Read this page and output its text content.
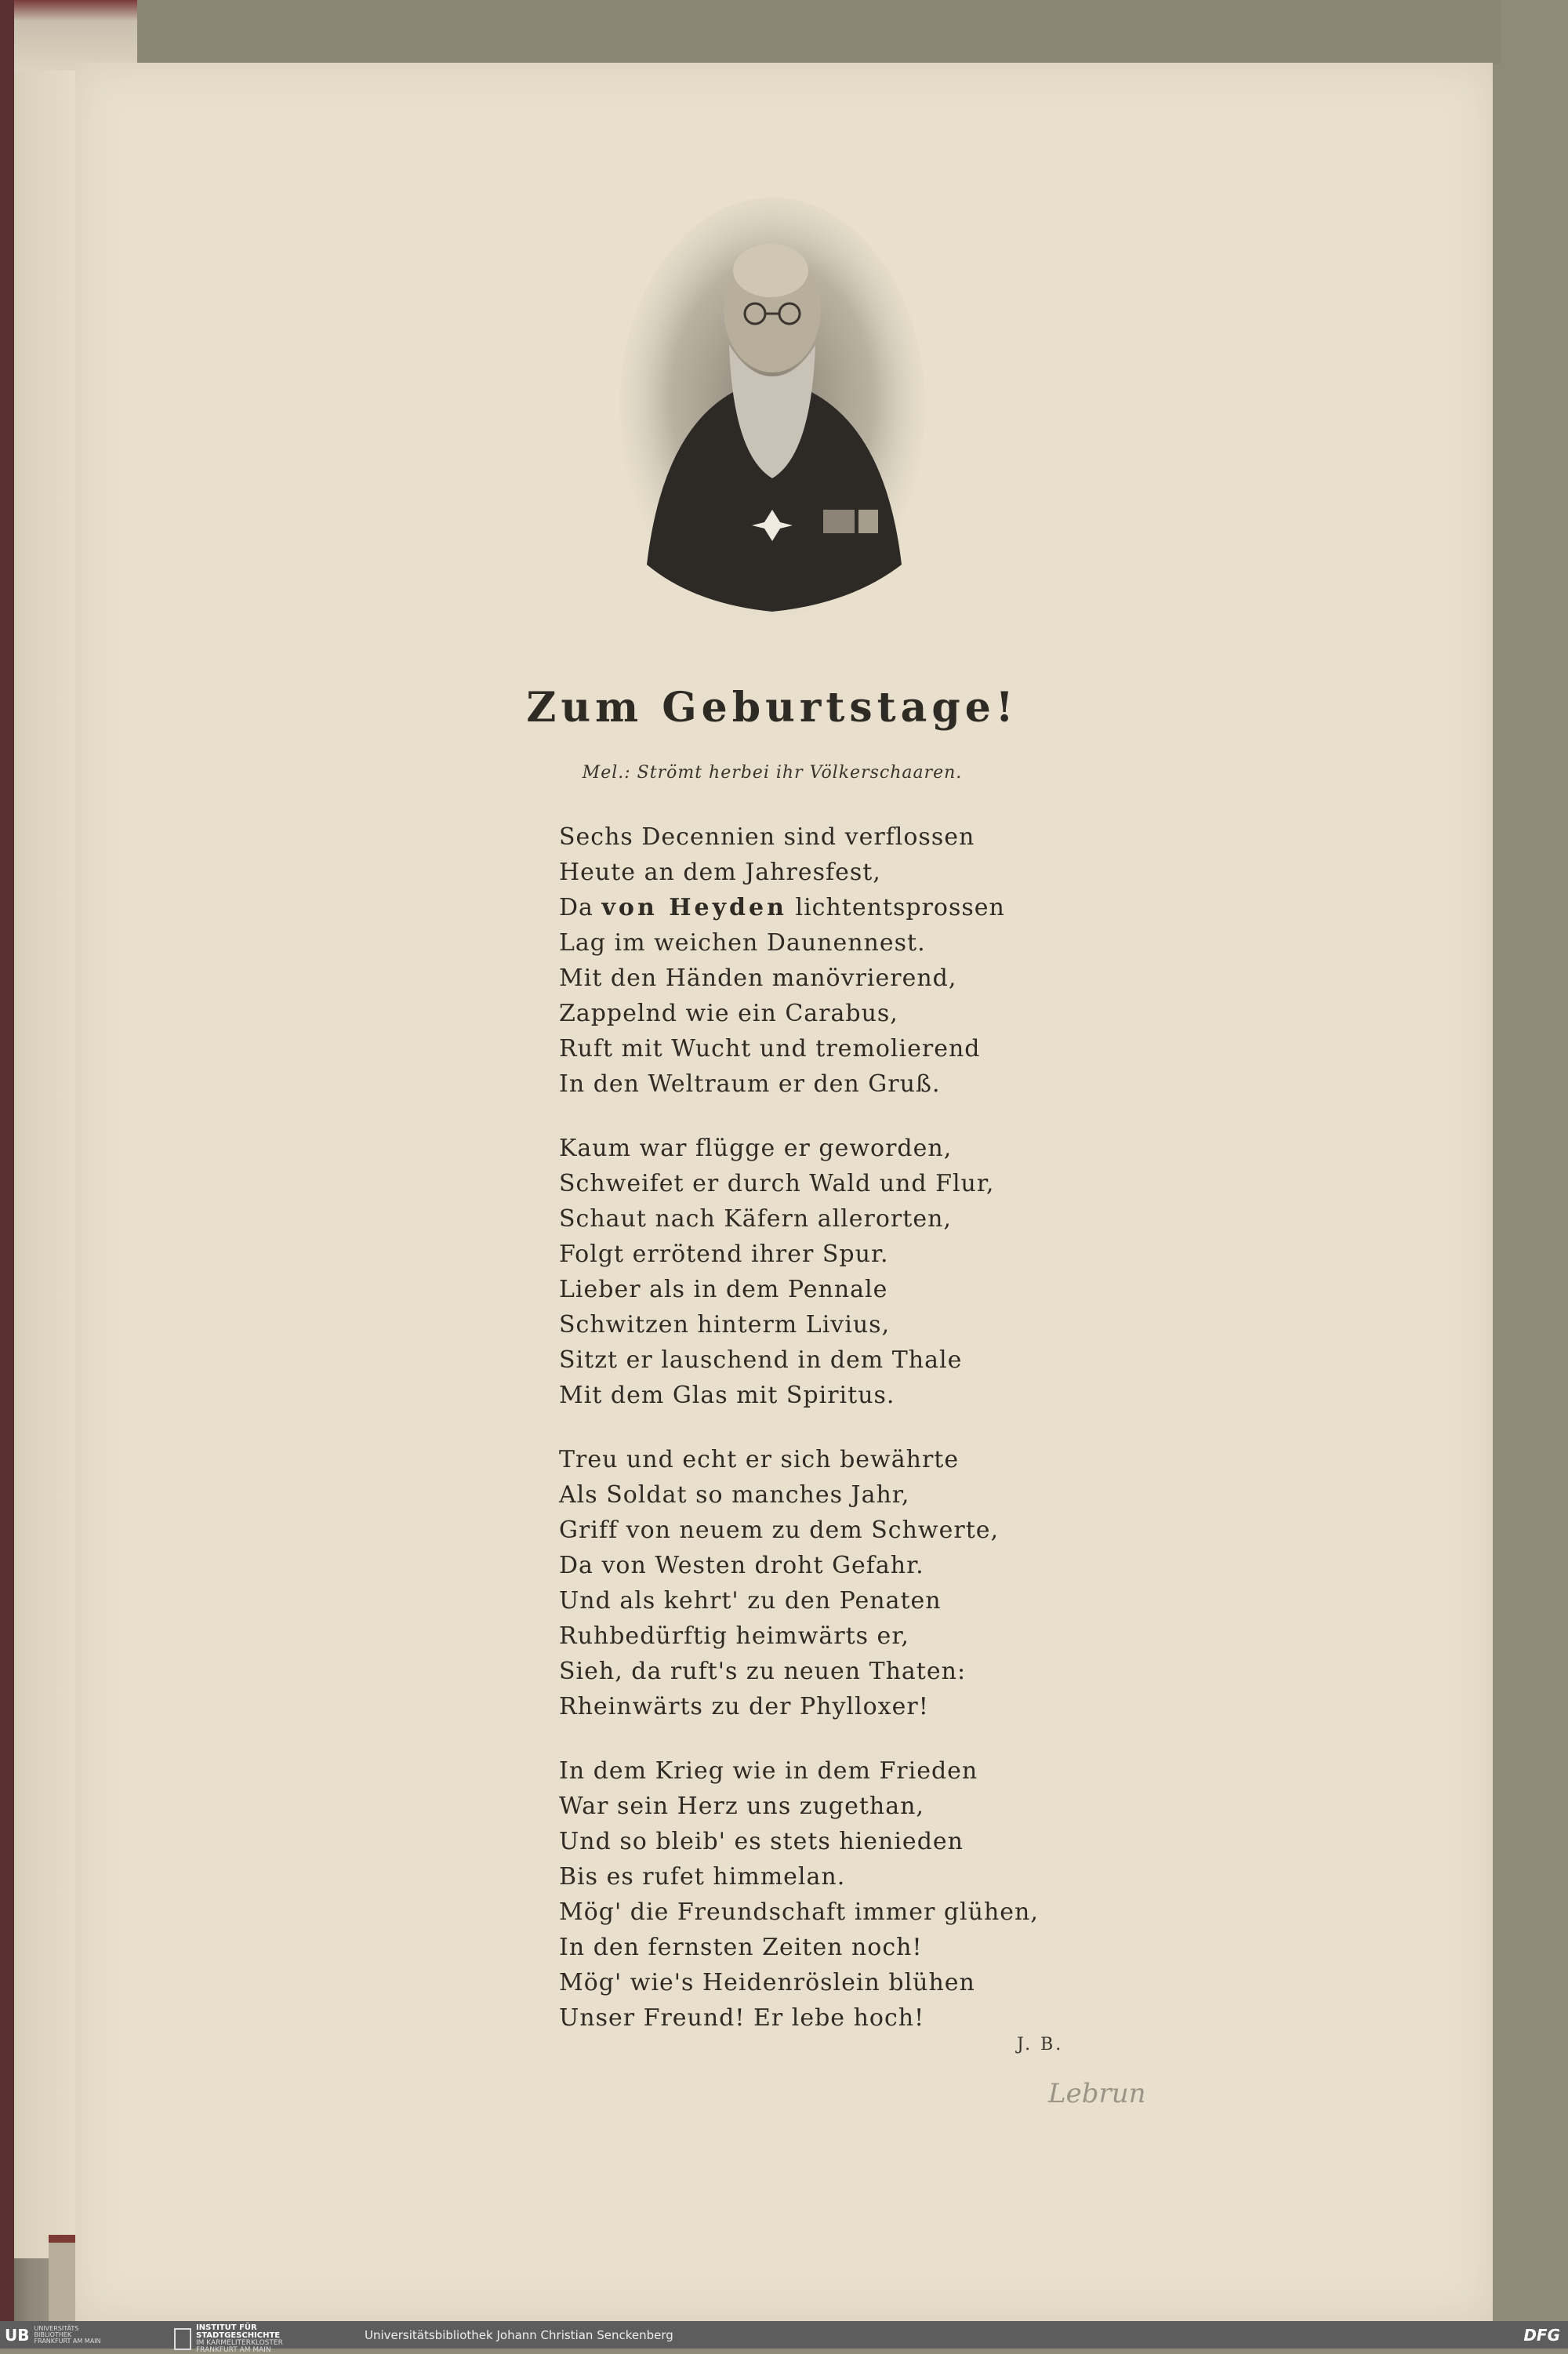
Zum Geburtstage!
Mel.: Strömt herbei ihr Völkerschaaren.
Sechs Decennien sind verflossen
Heute an dem Jahresfest,
Da von Heyden lichtentsprossen
Lag im weichen Daunennest.
Mit den Händen manövrierend,
Zappelnd wie ein Carabus,
Ruft mit Wucht und tremolierend
In den Weltraum er den Gruß.
Kaum war flügge er geworden,
Schweifet er durch Wald und Flur,
Schaut nach Käfern allerorten,
Folgt errötend ihrer Spur.
Lieber als in dem Pennale
Schwitzen hinterm Livius,
Sitzt er lauschend in dem Thale
Mit dem Glas mit Spiritus.
Treu und echt er sich bewährte
Als Soldat so manches Jahr,
Griff von neuem zu dem Schwerte,
Da von Westen droht Gefahr.
Und als kehrt' zu den Penaten
Ruhbedürftig heimwärts er,
Sieh, da ruft's zu neuen Thaten:
Rheinwärts zu der Phylloxer!
In dem Krieg wie in dem Frieden
War sein Herz uns zugethan,
Und so bleib' es stets hienieden
Bis es rufet himmelan.
Mög' die Freundschaft immer glühen,
In den fernsten Zeiten noch!
Mög' wie's Heidenröslein blühen
Unser Freund! Er lebe hoch!
J. B.
Lebrun
UB UNIVERSITÄTS
BIBLIOTHEK
FRANKFURT AM MAIN
INSTITUT FÜR
STADTGESCHICHTE
IM KARMELITERKLOSTER
FRANKFURT AM MAIN
Universitätsbibliothek Johann Christian Senckenberg	DFG
